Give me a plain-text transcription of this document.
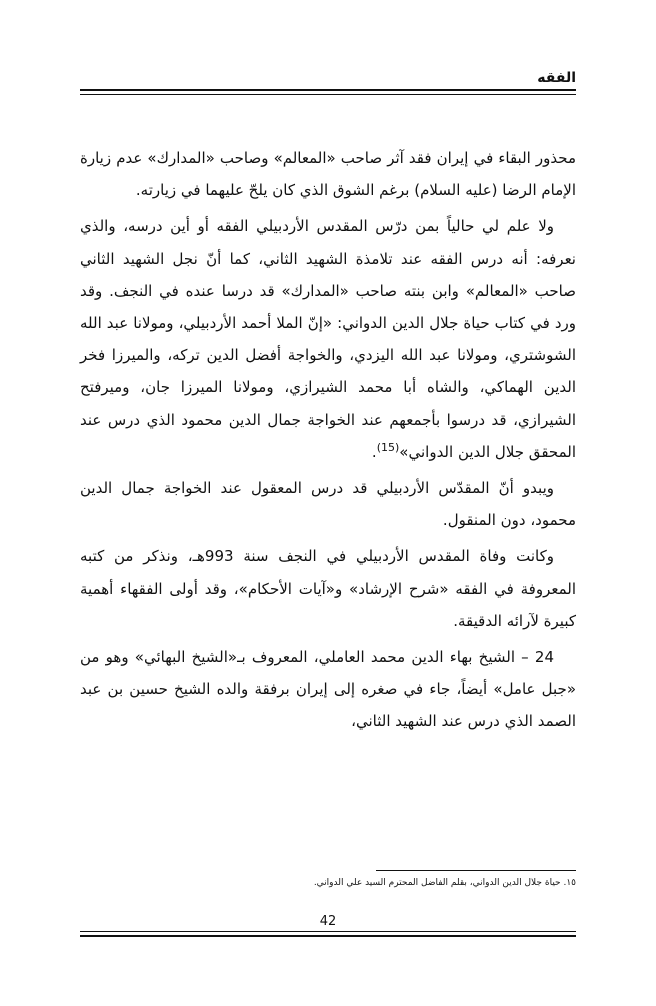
الفقه

محذور البقاء في إيران فقد آثر صاحب «المعالم» وصاحب «المدارك» عدم زيارة الإمام الرضا (عليه السلام) برغم الشوق الذي كان يلحّ عليهما في زيارته.

ولا علم لي حالياً بمن درّس المقدس الأردبيلي الفقه أو أين درسه، والذي نعرفه: أنه درس الفقه عند تلامذة الشهيد الثاني، كما أنّ نجل الشهيد الثاني صاحب «المعالم» وابن بنته صاحب «المدارك» قد درسا عنده في النجف. وقد ورد في كتاب حياة جلال الدين الدواني: «إنّ الملا أحمد الأردبيلي، ومولانا عبد الله الشوشتري، ومولانا عبد الله اليزدي، والخواجة أفضل الدين تركه، والميرزا فخر الدين الهماكي، والشاه أبا محمد الشيرازي، ومولانا الميرزا جان، وميرفتح الشيرازي، قد درسوا بأجمعهم عند الخواجة جمال الدين محمود الذي درس عند المحقق جلال الدين الدواني»$^{(15)}$.

ويبدو أنّ المقدّس الأردبيلي قد درس المعقول عند الخواجة جمال الدين محمود، دون المنقول.

وكانت وفاة المقدس الأردبيلي في النجف سنة 993هـ، ونذكر من كتبه المعروفة في الفقه «شرح الإرشاد» و«آيات الأحكام»، وقد أولى الفقهاء أهمية كبيرة لآرائه الدقيقة.

24 – الشيخ بهاء الدين محمد العاملي، المعروف بـ«الشيخ البهائي» وهو من «جبل عامل» أيضاً، جاء في صغره إلى إيران برفقة والده الشيخ حسين بن عبد الصمد الذي درس عند الشهيد الثاني،

١٥. حياة جلال الدين الدواني، بقلم الفاضل المحترم السيد علي الدواني.
42
